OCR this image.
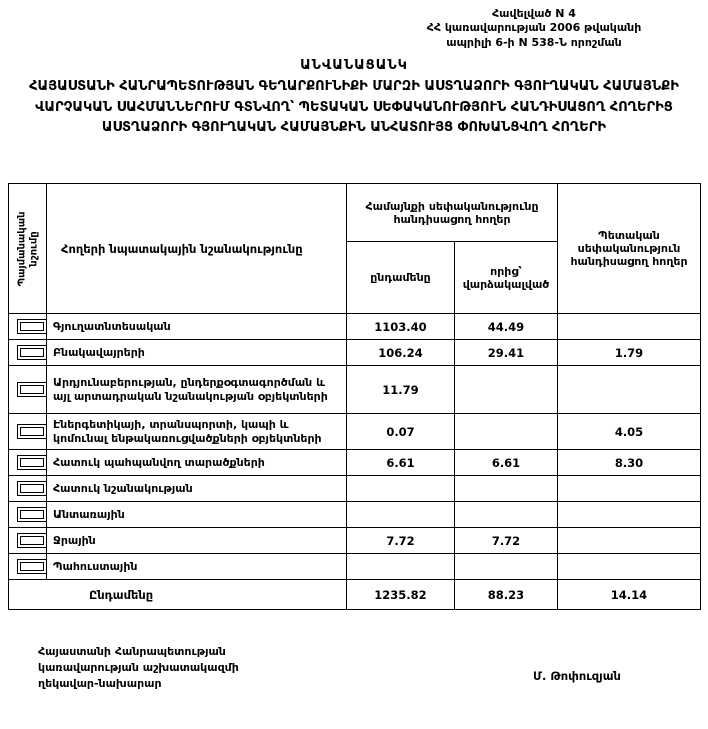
Հավելված N 4
ՀՀ կառավարության 2006 թվականի
ապրիլի 6-ի N 538-Ն որոշման
ԱՆՎԱՆԱՑԱՆԿ
ՀԱՅԱՍՏԱՆԻ ՀԱՆՐԱՊԵՏՈՒԹՅԱՆ ԳԵՂԱՐՔՈՒՆԻՔԻ ՄԱՐԶԻ ԱՍՏՂԱՁՈՐԻ ԳՅՈՒՂԱԿԱՆ ՀԱՄԱՅՆՔԻ ՎԱՐՉԱԿԱՆ ՍԱՀՄԱՆՆԵՐՈՒՄ ԳՏՆՎՈՂ՝ ՊԵՏԱԿԱՆ ՍԵՓԱԿԱՆՈՒԹՅՈՒՆ ՀԱՆԴԻՍԱՑՈՂ ՀՈՂԵՐԻՑ ԱՍՏՂԱՁՈՐԻ ԳՅՈՒՂԱԿԱՆ ՀԱՄԱՅՆՔԻՆ ԱՆՀԱՏՈՒՅՑ ՓՈԽԱՆՑՎՈՂ ՀՈՂԵՐԻ
Պայմանական նշումը	Հողերի նպատակային նշանակությունը	Համայնքի սեփականությունը հանդիսացող հողեր		Պետական սեփականություն հանդիսացող հողեր
		ընդամենը	որից՝ վարձակալված	

	Գյուղատնտեսական	1103.40	44.49	

	Բնակավայրերի	106.24	29.41	1.79

	Արդյունաբերության, ընդերքօգտագործման և այլ արտադրական նշանակության օբյեկտների	11.79		

	Էներգետիկայի, տրանսպորտի, կապի և կոմունալ ենթակառուցվածքների օբյեկտների	0.07		4.05

	Հատուկ պահպանվող տարածքների	6.61	6.61	8.30

	Հատուկ նշանակության			

	Անտառային			

	Ջրային	7.72	7.72	

	Պահուստային			
Ընդամենը		1235.82	88.23	14.14
Հայաստանի Հանրապետության
կառավարության աշխատակազմի
ղեկավար-նախարար
Մ. Թոփուզյան
